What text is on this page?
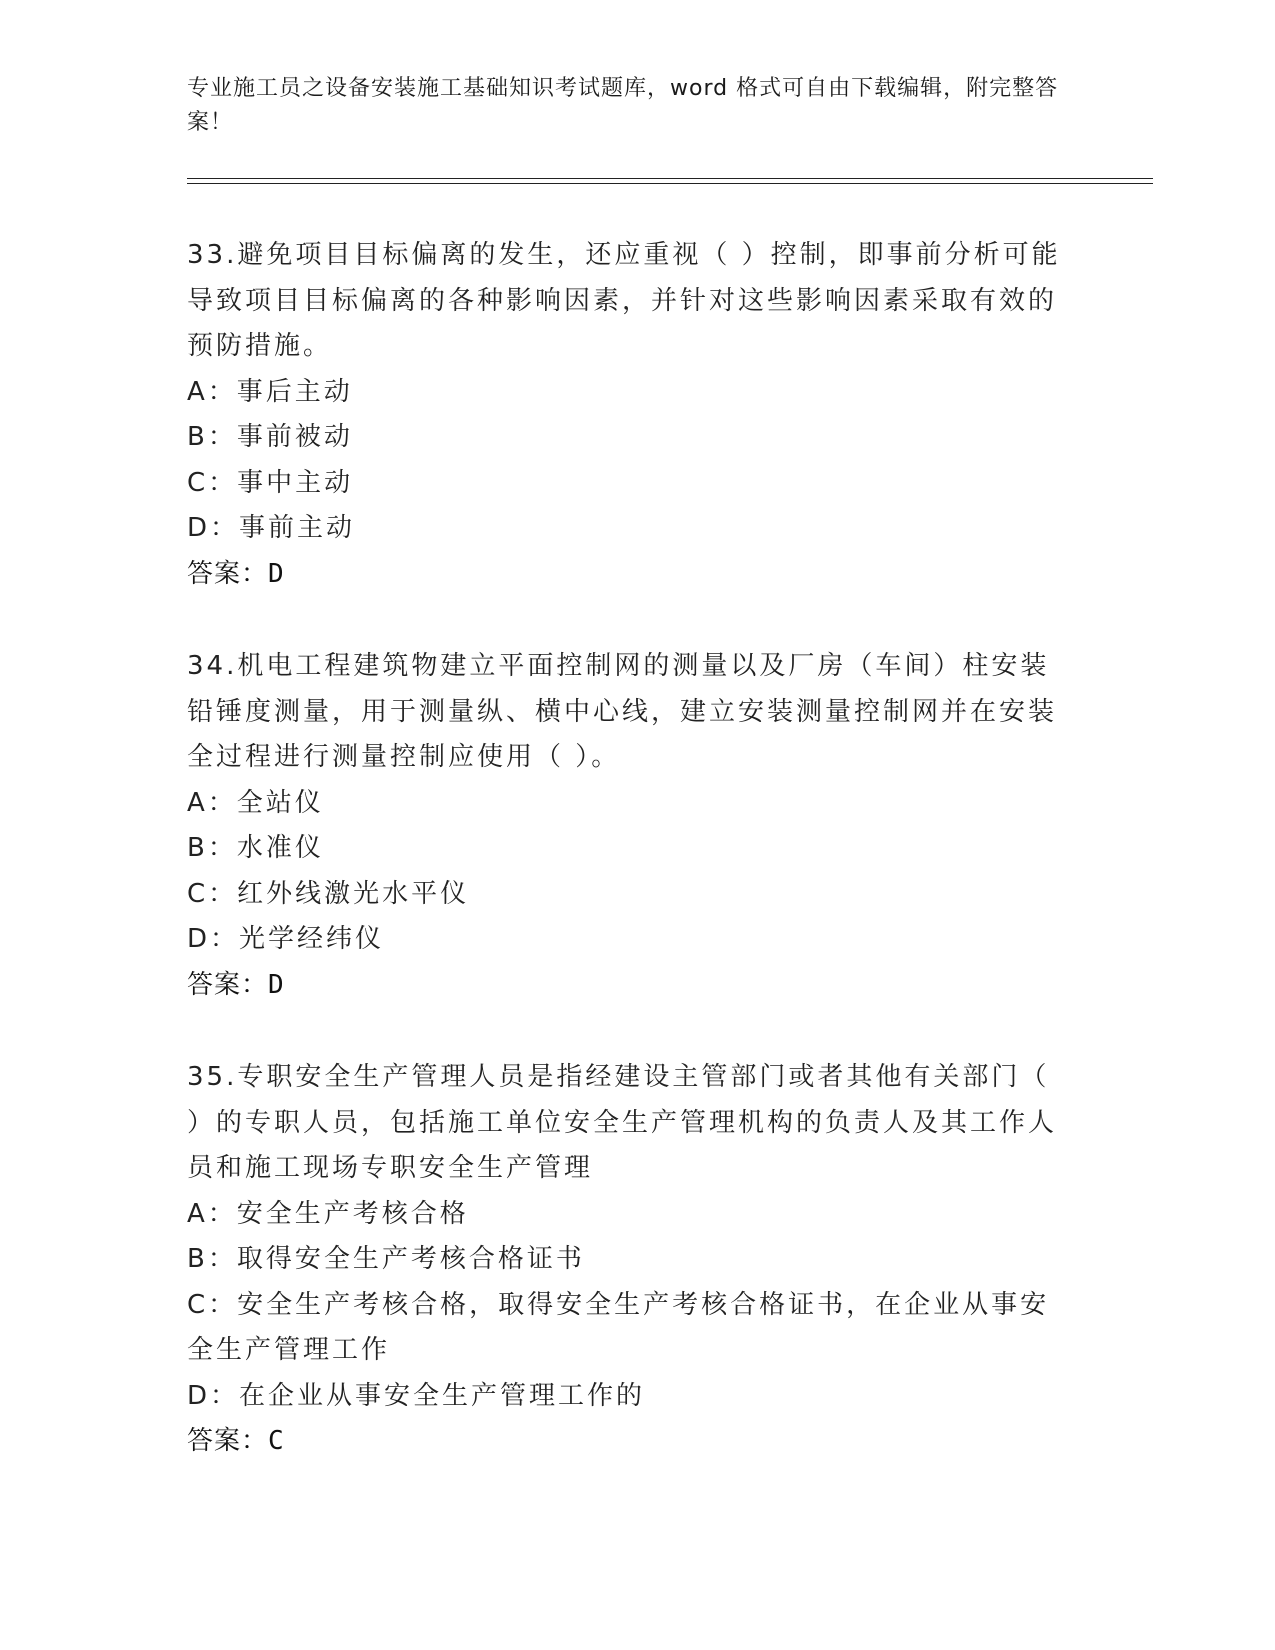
专业施工员之设备安装施工基础知识考试题库，word 格式可自由下载编辑，附完整答案！

33.避免项目目标偏离的发生，还应重视（ ）控制，即事前分析可能导致项目目标偏离的各种影响因素，并针对这些影响因素采取有效的预防措施。

A：事后主动

B：事前被动

C：事中主动

D：事前主动

答案：D

34.机电工程建筑物建立平面控制网的测量以及厂房（车间）柱安装铅锤度测量，用于测量纵、横中心线，建立安装测量控制网并在安装全过程进行测量控制应使用（ ）。

A：全站仪

B：水准仪

C：红外线激光水平仪

D：光学经纬仪

答案：D

35.专职安全生产管理人员是指经建设主管部门或者其他有关部门（ ）的专职人员，包括施工单位安全生产管理机构的负责人及其工作人员和施工现场专职安全生产管理

A：安全生产考核合格

B：取得安全生产考核合格证书

C：安全生产考核合格，取得安全生产考核合格证书，在企业从事安全生产管理工作

D：在企业从事安全生产管理工作的

答案：C
